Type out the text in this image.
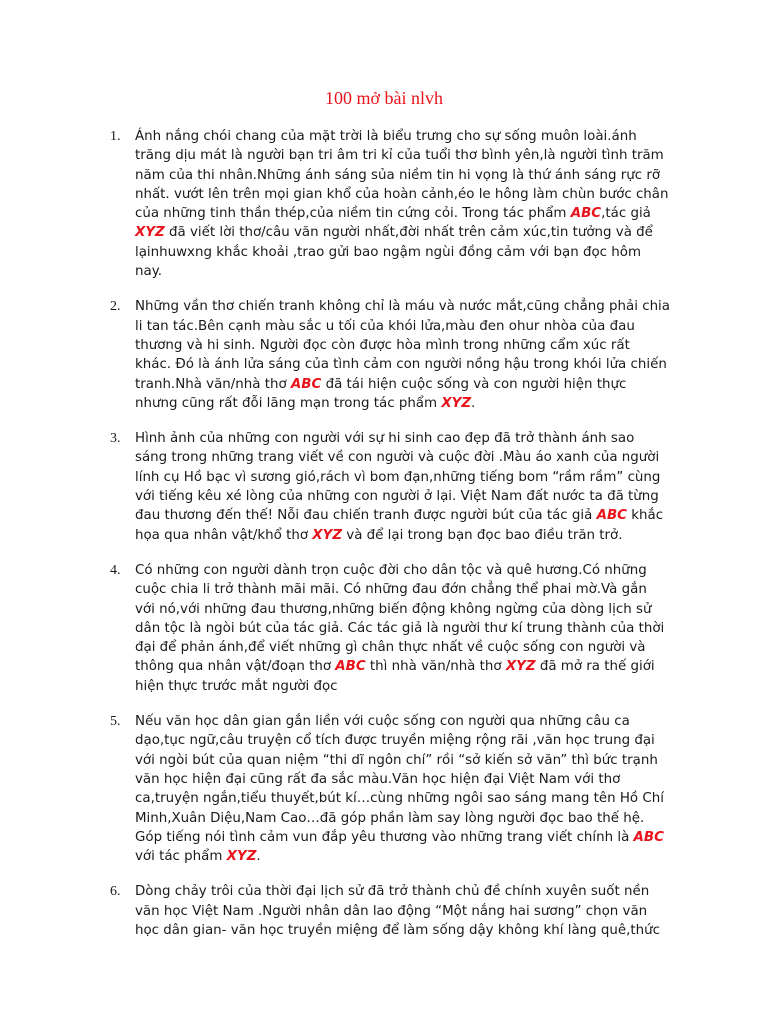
100 mở bài nlvh
1. Ánh nắng chói chang của mặt trời là biểu trưng cho sự sống muôn loài.ánh trăng dịu mát là người bạn tri âm tri kỉ của tuổi thơ bình yên,là người tình trăm năm của thi nhân.Những ánh sáng sủa niềm tin hi vọng là thứ ánh sáng rực rỡ nhất. vướt lên trên mọi gian khổ của hoàn cảnh,éo le hông làm chùn bước chân của những tinh thần thép,của niềm tin cứng cỏi. Trong tác phẩm ABC,tác giả XYZ đã viết lời thơ/câu văn người nhất,đời nhất trên cảm xúc,tin tưởng và để lạinhuwxng khắc khoải ,trao gửi bao ngậm ngùi đồng cảm với bạn đọc hôm nay.
2. Những vần thơ chiến tranh không chỉ là máu và nước mắt,cũng chẳng phải chia li tan tác.Bên cạnh màu sắc u tối của khói lửa,màu đen ohur nhòa của đau thương và hi sinh. Người đọc còn được hòa mình trong những cẩm xúc rất khác. Đó là ánh lửa sáng của tình cảm con người nồng hậu trong khói lửa chiến tranh.Nhà văn/nhà thơ ABC đã tái hiện cuộc sống và con người hiện thực nhưng cũng rất đỗi lãng mạn trong tác phẩm XYZ.
3. Hình ảnh của những con người với sự hi sinh cao đẹp đã trở thành ánh sao sáng trong những trang viết về con người và cuộc đời .Màu áo xanh của người lính cụ Hồ bạc vì sương gió,rách vì bom đạn,những tiếng bom “rầm rầm” cùng với tiếng kêu xé lòng của những con người ở lại. Việt Nam đất nước ta đã từng đau thương đến thế! Nỗi đau chiến tranh được người bút của tác giả ABC khắc họa qua nhân vật/khổ thơ XYZ và để lại trong bạn đọc bao điều trăn trở.
4. Có những con người dành trọn cuộc đời cho dân tộc và quê hương.Có những cuộc chia li trở thành mãi mãi. Có những đau đớn chẳng thể phai mờ.Và gắn với nó,với những đau thương,những biến động không ngừng của dòng lịch sử dân tộc là ngòi bút của tác giả. Các tác giả là người thư kí trung thành của thời đại để phản ánh,để viết những gì chân thực nhất về cuộc sống con người và thông qua nhân vật/đoạn thơ ABC thì nhà văn/nhà thơ XYZ đã mở ra thế giới hiện thực trước mắt người đọc
5. Nếu văn học dân gian gắn liền với cuộc sống con người qua những câu ca dạo,tục ngữ,câu truyện cổ tích được truyền miệng rộng rãi ,văn học trung đại với ngòi bút của quan niệm “thi dĩ ngôn chí” rồi “sở kiến sở văn” thì bức trạnh văn học hiện đại cũng rất đa sắc màu.Văn học hiện đại Việt Nam với thơ ca,truyện ngắn,tiểu thuyết,bút kí…cùng những ngôi sao sáng mang tên Hồ Chí Minh,Xuân Diệu,Nam Cao…đã góp phần làm say lòng người đọc bao thế hệ. Góp tiếng nói tình cảm vun đắp yêu thương vào những trang viết chính là ABC với tác phẩm XYZ.
6. Dòng chảy trôi của thời đại lịch sử đã trở thành chủ đề chính xuyên suốt nền văn học Việt Nam .Người nhân dân lao động “Một nắng hai sương” chọn văn học dân gian- văn học truyền miệng để làm sống dậy không khí làng quê,thức
